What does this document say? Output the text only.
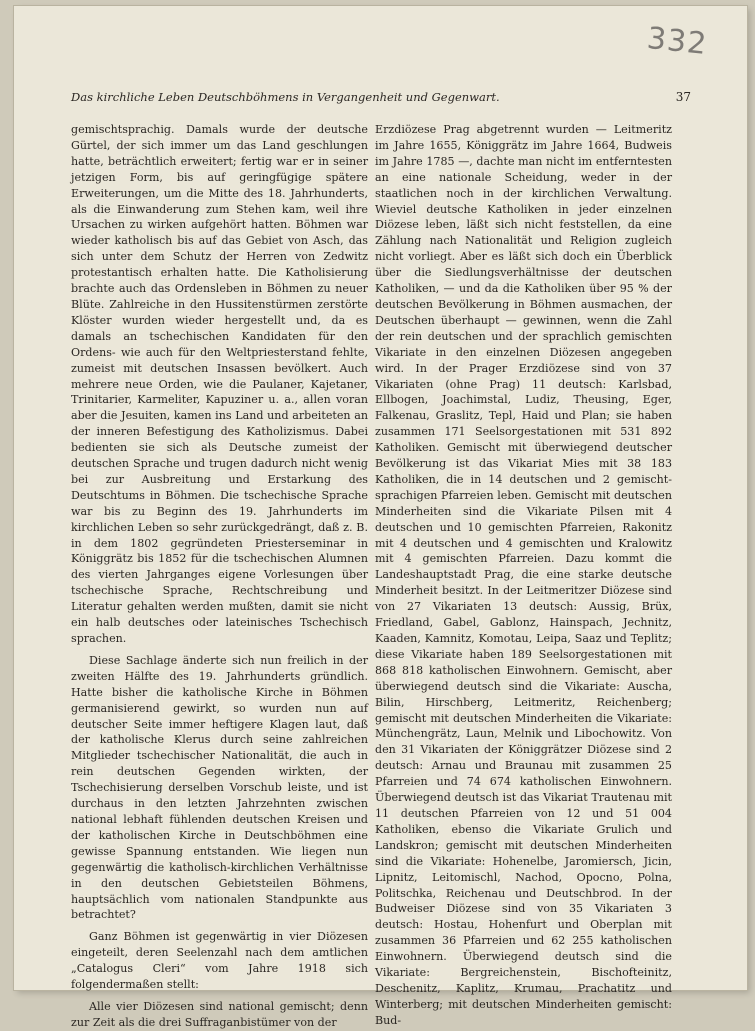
332
Das kirchliche Leben Deutschböhmens in Vergangenheit und Gegenwart.	37

gemischtsprachig. Damals wurde der deutsche Gürtel, der sich immer um das Land geschlungen hatte, beträchtlich erweitert; fertig war er in seiner jetzigen Form, bis auf geringfügige spätere Erweiterungen, um die Mitte des 18. Jahrhunderts, als die Einwanderung zum Stehen kam, weil ihre Ursachen zu wirken aufgehört hatten. Böhmen war wieder katholisch bis auf das Gebiet von Asch, das sich unter dem Schutz der Herren von Zedwitz protestantisch erhalten hatte. Die Katholisierung brachte auch das Ordensleben in Böhmen zu neuer Blüte. Zahlreiche in den Hussitenstürmen zerstörte Klöster wurden wieder hergestellt und, da es damals an tschechischen Kandidaten für den Ordens- wie auch für den Weltpriesterstand fehlte, zumeist mit deutschen Insassen bevölkert. Auch mehrere neue Orden, wie die Paulaner, Kajetaner, Trinitarier, Karmeliter, Kapuziner u. a., allen voran aber die Jesuiten, kamen ins Land und arbeiteten an der inneren Befestigung des Katholizismus. Dabei bedienten sie sich als Deutsche zumeist der deutschen Sprache und trugen dadurch nicht wenig bei zur Ausbreitung und Erstarkung des Deutschtums in Böhmen. Die tschechische Sprache war bis zu Beginn des 19. Jahrhunderts im kirchlichen Leben so sehr zurückgedrängt, daß z. B. in dem 1802 gegründeten Priesterseminar in Königgrätz bis 1852 für die tschechischen Alumnen des vierten Jahrganges eigene Vorlesungen über tschechische Sprache, Rechtschreibung und Literatur gehalten werden mußten, damit sie nicht ein halb deutsches oder lateinisches Tschechisch sprachen.

Diese Sachlage änderte sich nun freilich in der zweiten Hälfte des 19. Jahrhunderts gründlich. Hatte bisher die katholische Kirche in Böhmen germanisierend gewirkt, so wurden nun auf deutscher Seite immer heftigere Klagen laut, daß der katholische Klerus durch seine zahlreichen Mitglieder tschechischer Nationalität, die auch in rein deutschen Gegenden wirkten, der Tschechisierung derselben Vorschub leiste, und ist durchaus in den letzten Jahrzehnten zwischen national lebhaft fühlenden deutschen Kreisen und der katholischen Kirche in Deutschböhmen eine gewisse Spannung entstanden. Wie liegen nun gegenwärtig die katholisch-kirchlichen Verhältnisse in den deutschen Gebietsteilen Böhmens, hauptsächlich vom nationalen Standpunkte aus betrachtet?

Ganz Böhmen ist gegenwärtig in vier Diözesen eingeteilt, deren Seelenzahl nach dem amtlichen „Catalogus Cleri“ vom Jahre 1918 sich folgendermaßen stellt:

Alle vier Diözesen sind national gemischt; denn zur Zeit als die drei Suffraganbistümer von der

Erzdiözese Prag abgetrennt wurden — Leitmeritz im Jahre 1655, Königgrätz im Jahre 1664, Budweis im Jahre 1785 —, dachte man nicht im entferntesten an eine nationale Scheidung, weder in der staatlichen noch in der kirchlichen Verwaltung. Wieviel deutsche Katholiken in jeder einzelnen Diözese leben, läßt sich nicht feststellen, da eine Zählung nach Nationalität und Religion zugleich nicht vorliegt. Aber es läßt sich doch ein Überblick über die Siedlungsverhältnisse der deutschen Katholiken, — und da die Katholiken über 95 % der deutschen Bevölkerung in Böhmen ausmachen, der Deutschen überhaupt — gewinnen, wenn die Zahl der rein deutschen und der sprachlich gemischten Vikariate in den einzelnen Diözesen angegeben wird. In der Prager Erzdiözese sind von 37 Vikariaten (ohne Prag) 11 deutsch: Karlsbad, Ellbogen, Joachimstal, Ludiz, Theusing, Eger, Falkenau, Graslitz, Tepl, Haid und Plan; sie haben zusammen 171 Seelsorgestationen mit 531 892 Katholiken. Gemischt mit überwiegend deutscher Bevölkerung ist das Vikariat Mies mit 38 183 Katholiken, die in 14 deutschen und 2 gemischt-sprachigen Pfarreien leben. Gemischt mit deutschen Minderheiten sind die Vikariate Pilsen mit 4 deutschen und 10 gemischten Pfarreien, Rakonitz mit 4 deutschen und 4 gemischten und Kralowitz mit 4 gemischten Pfarreien. Dazu kommt die Landeshauptstadt Prag, die eine starke deutsche Minderheit besitzt. In der Leitmeritzer Diözese sind von 27 Vikariaten 13 deutsch: Aussig, Brüx, Friedland, Gabel, Gablonz, Hainspach, Jechnitz, Kaaden, Kamnitz, Komotau, Leipa, Saaz und Teplitz; diese Vikariate haben 189 Seelsorgestationen mit 868 818 katholischen Einwohnern. Gemischt, aber überwiegend deutsch sind die Vikariate: Auscha, Bilin, Hirschberg, Leitmeritz, Reichenberg; gemischt mit deutschen Minderheiten die Vikariate: Münchengrätz, Laun, Melnik und Libochowitz. Von den 31 Vikariaten der Königgrätzer Diözese sind 2 deutsch: Arnau und Braunau mit zusammen 25 Pfarreien und 74 674 katholischen Einwohnern. Überwiegend deutsch ist das Vikariat Trautenau mit 11 deutschen Pfarreien von 12 und 51 004 Katholiken, ebenso die Vikariate Grulich und Landskron; gemischt mit deutschen Minderheiten sind die Vikariate: Hohenelbe, Jaromiersch, Jicin, Lipnitz, Leitomischl, Nachod, Opocno, Polna, Politschka, Reichenau und Deutschbrod. In der Budweiser Diözese sind von 35 Vikariaten 3 deutsch: Hostau, Hohenfurt und Oberplan mit zusammen 36 Pfarreien und 62 255 katholischen Einwohnern. Überwiegend deutsch sind die Vikariate: Bergreichenstein, Bischofteinitz, Deschenitz, Kaplitz, Krumau, Prachatitz und Winterberg; mit deutschen Minderheiten gemischt: Bud-
